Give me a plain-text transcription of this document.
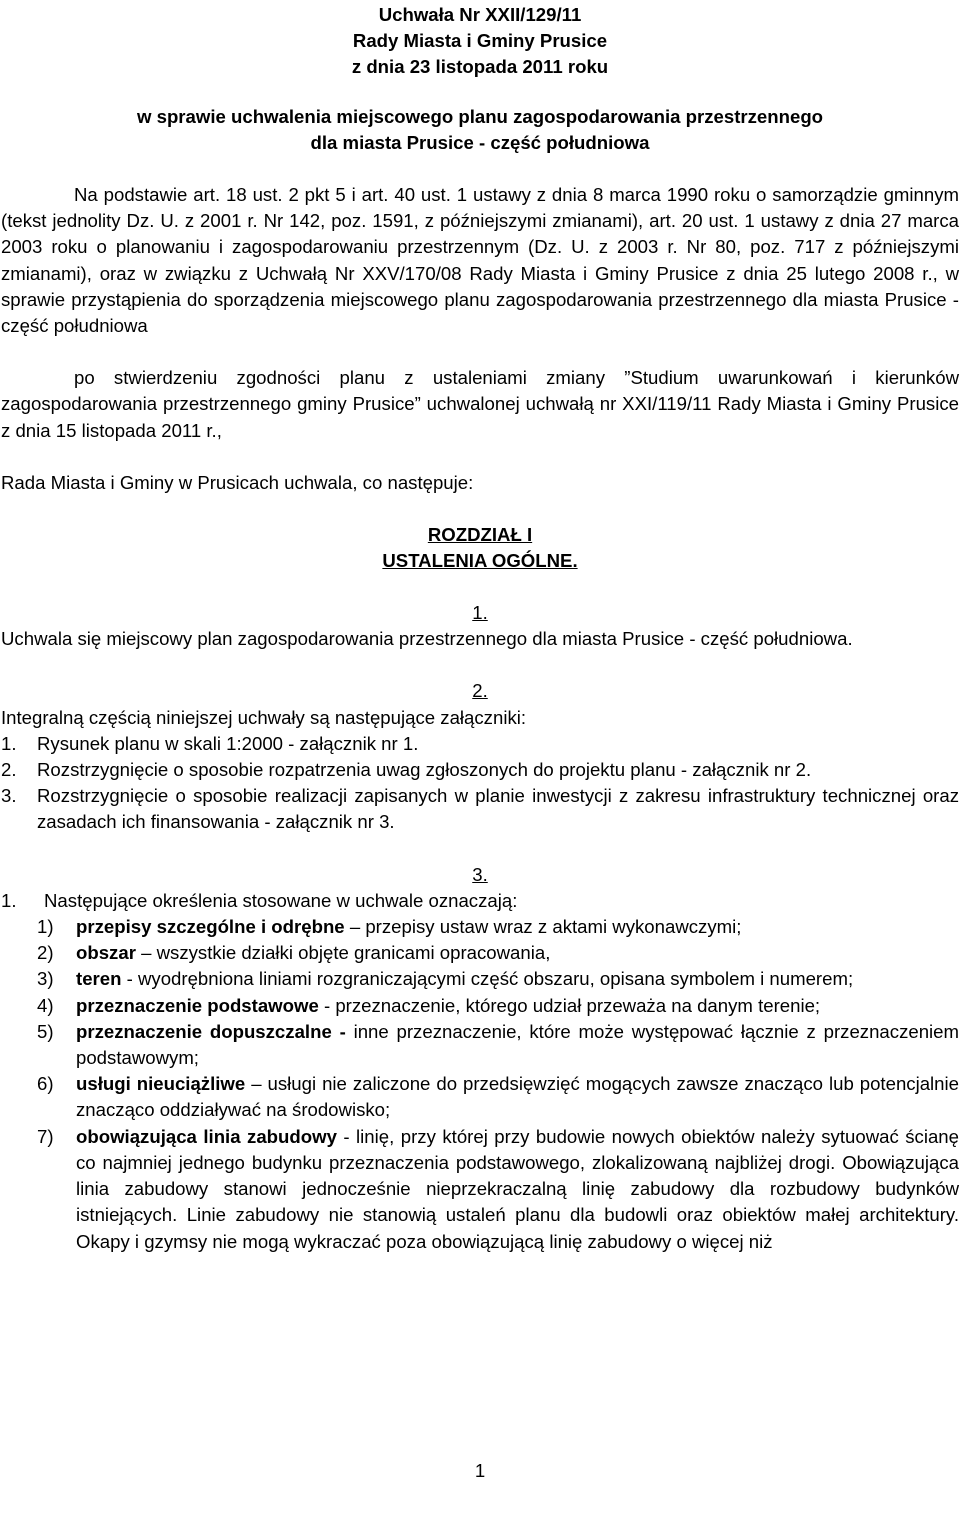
Uchwała Nr XXII/129/11
Rady Miasta i Gminy Prusice
z dnia 23 listopada 2011 roku
w sprawie uchwalenia miejscowego planu zagospodarowania przestrzennego
dla miasta Prusice - część południowa

Na podstawie art. 18 ust. 2 pkt 5 i art. 40 ust. 1 ustawy z dnia 8 marca 1990 roku o samorządzie gminnym (tekst jednolity Dz. U. z 2001 r. Nr 142, poz. 1591, z późniejszymi zmianami), art. 20 ust. 1 ustawy z dnia 27 marca 2003 roku o planowaniu i zagospodarowaniu przestrzennym (Dz. U. z 2003 r. Nr 80, poz. 717 z późniejszymi zmianami), oraz w związku z Uchwałą Nr XXV/170/08 Rady Miasta i Gminy Prusice z dnia 25 lutego 2008 r., w sprawie przystąpienia do sporządzenia miejscowego planu zagospodarowania przestrzennego dla miasta Prusice - część południowa

po stwierdzeniu zgodności planu z ustaleniami zmiany ”Studium uwarunkowań i kierunków zagospodarowania przestrzennego gminy Prusice” uchwalonej uchwałą nr XXI/119/11 Rady Miasta i Gminy Prusice z dnia 15 listopada 2011 r.,

Rada Miasta i Gminy w Prusicach uchwala, co następuje:

ROZDZIAŁ I
USTALENIA OGÓLNE.
1.

Uchwala się miejscowy plan zagospodarowania przestrzennego dla miasta Prusice - część południowa.

2.

Integralną częścią niniejszej uchwały są następujące załączniki:

1.	Rysunek planu w skali 1:2000 - załącznik nr 1.
2.	Rozstrzygnięcie o sposobie rozpatrzenia uwag zgłoszonych do projektu planu - załącznik nr 2.
3.	Rozstrzygnięcie o sposobie realizacji zapisanych w planie inwestycji z zakresu infrastruktury technicznej oraz zasadach ich finansowania - załącznik nr 3.
3.
1.	Następujące określenia stosowane w uchwale oznaczają:
1)	przepisy szczególne i odrębne – przepisy ustaw wraz z aktami wykonawczymi;
2)	obszar – wszystkie działki objęte granicami opracowania,
3)	teren - wyodrębniona liniami rozgraniczającymi część obszaru, opisana symbolem i numerem;
4)	przeznaczenie podstawowe - przeznaczenie, którego udział przeważa na danym terenie;
5)	przeznaczenie dopuszczalne - inne przeznaczenie, które może występować łącznie z przeznaczeniem podstawowym;
6)	usługi nieuciążliwe – usługi nie zaliczone do przedsięwzięć mogących zawsze znacząco lub potencjalnie znacząco oddziaływać na środowisko;
7)	obowiązująca linia zabudowy - linię, przy której przy budowie nowych obiektów należy sytuować ścianę co najmniej jednego budynku przeznaczenia podstawowego, zlokalizowaną najbliżej drogi. Obowiązująca linia zabudowy stanowi jednocześnie nieprzekraczalną linię zabudowy dla rozbudowy budynków istniejących. Linie zabudowy nie stanowią ustaleń planu dla budowli oraz obiektów małej architektury. Okapy i gzymsy nie mogą wykraczać poza obowiązującą linię zabudowy o więcej niż
1
